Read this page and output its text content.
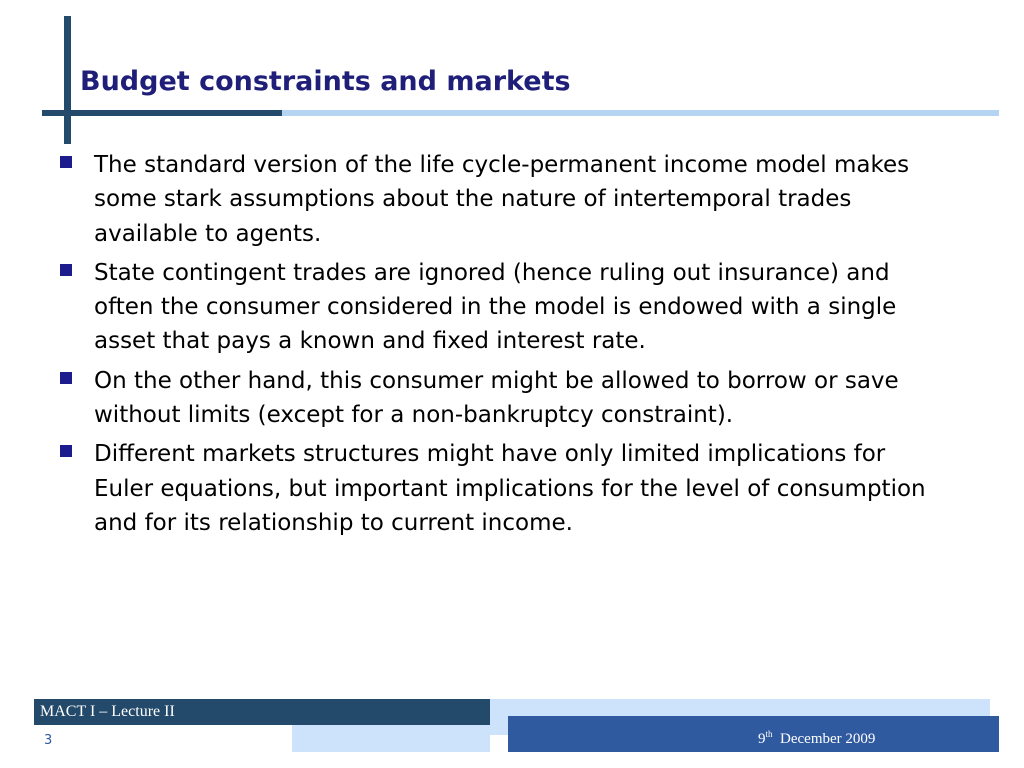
Budget constraints and markets
The standard version of the life cycle-permanent income model makes some stark assumptions about the nature of intertemporal trades available to agents.
State contingent trades are ignored (hence ruling out insurance) and often the consumer considered in the model is endowed with a single asset that pays a known and fixed interest rate.
On the other hand, this consumer might be allowed to borrow or save without limits (except for a non-bankruptcy constraint).
Different markets structures might have only limited implications for Euler equations, but important implications for the level of consumption and for its relationship to current income.
MACT I – Lecture II
3	9th December 2009
